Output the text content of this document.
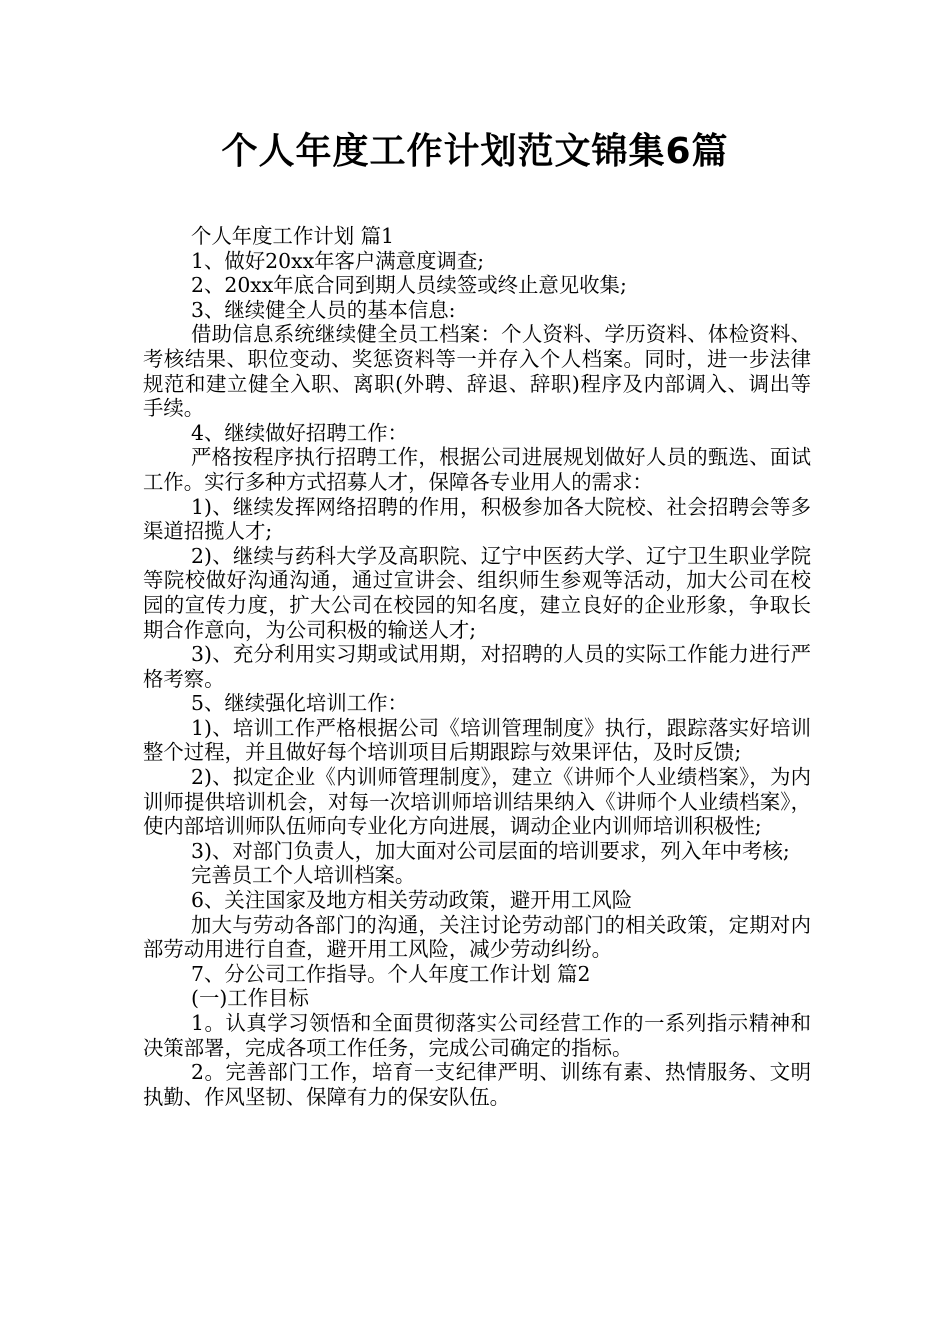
个人年度工作计划范文锦集6篇

个人年度工作计划 篇1

1、做好20xx年客户满意度调查;

2、20xx年底合同到期人员续签或终止意见收集;

3、继续健全人员的基本信息:

借助信息系统继续健全员工档案：个人资料、学历资料、体检资料、考核结果、职位变动、奖惩资料等一并存入个人档案。同时，进一步法律规范和建立健全入职、离职(外聘、辞退、辞职)程序及内部调入、调出等手续。

4、继续做好招聘工作：

严格按程序执行招聘工作，根据公司进展规划做好人员的甄选、面试工作。实行多种方式招募人才，保障各专业用人的需求：

1)、继续发挥网络招聘的作用，积极参加各大院校、社会招聘会等多渠道招揽人才;

2)、继续与药科大学及高职院、辽宁中医药大学、辽宁卫生职业学院等院校做好沟通沟通，通过宣讲会、组织师生参观等活动，加大公司在校园的宣传力度，扩大公司在校园的知名度，建立良好的企业形象，争取长期合作意向，为公司积极的输送人才;

3)、充分利用实习期或试用期，对招聘的人员的实际工作能力进行严格考察。

5、继续强化培训工作：

1)、培训工作严格根据公司《培训管理制度》执行，跟踪落实好培训整个过程，并且做好每个培训项目后期跟踪与效果评估，及时反馈;

2)、拟定企业《内训师管理制度》，建立《讲师个人业绩档案》，为内训师提供培训机会，对每一次培训师培训结果纳入《讲师个人业绩档案》，使内部培训师队伍师向专业化方向进展，调动企业内训师培训积极性;

3)、对部门负责人，加大面对公司层面的培训要求，列入年中考核;

完善员工个人培训档案。

6、关注国家及地方相关劳动政策，避开用工风险

加大与劳动各部门的沟通，关注讨论劳动部门的相关政策，定期对内部劳动用进行自查，避开用工风险，减少劳动纠纷。

7、分公司工作指导。个人年度工作计划 篇2

(一)工作目标

1。认真学习领悟和全面贯彻落实公司经营工作的一系列指示精神和决策部署，完成各项工作任务，完成公司确定的指标。

2。完善部门工作，培育一支纪律严明、训练有素、热情服务、文明执勤、作风坚韧、保障有力的保安队伍。
